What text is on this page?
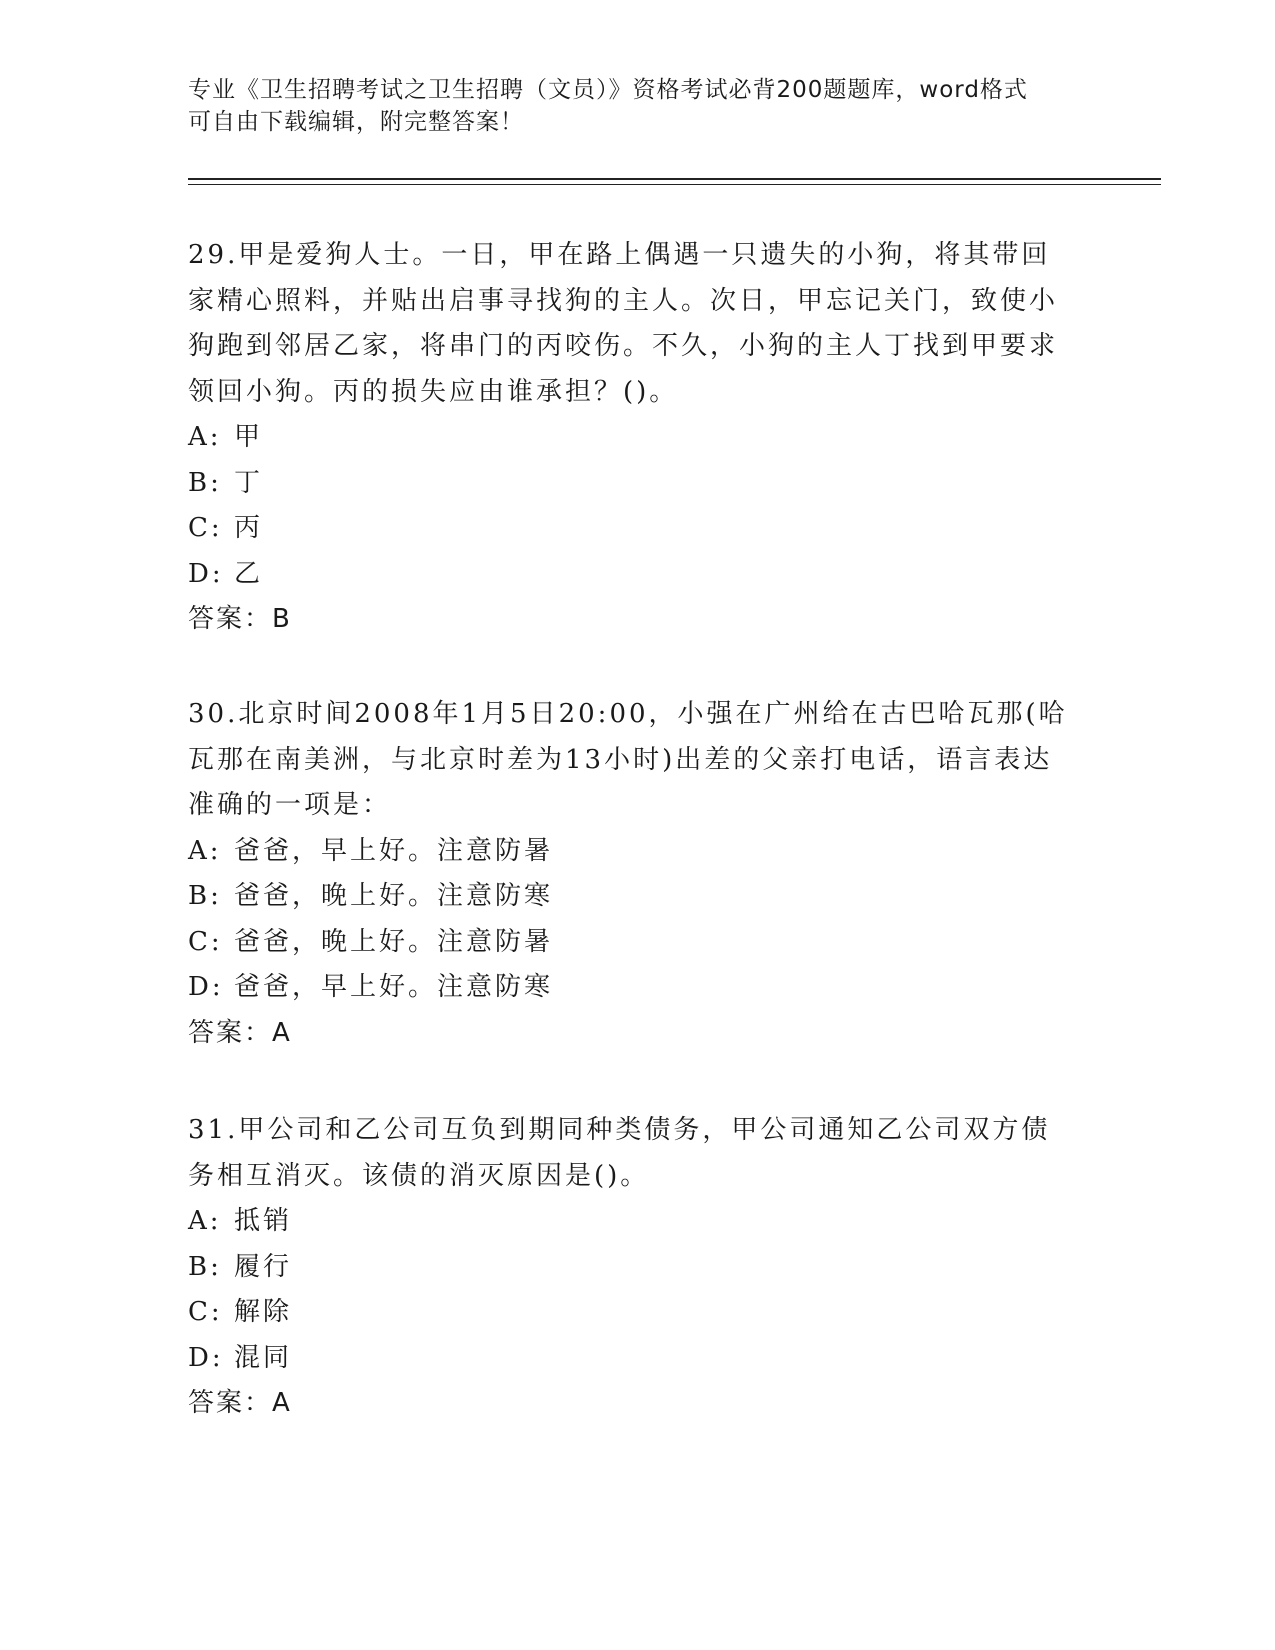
专业《卫生招聘考试之卫生招聘（文员）》资格考试必背200题题库，word格式
可自由下载编辑，附完整答案！

29.甲是爱狗人士。一日，甲在路上偶遇一只遗失的小狗，将其带回家精心照料，并贴出启事寻找狗的主人。次日，甲忘记关门，致使小狗跑到邻居乙家，将串门的丙咬伤。不久，小狗的主人丁找到甲要求领回小狗。丙的损失应由谁承担？()。

A: 甲
B: 丁
C: 丙
D: 乙
答案：B

30.北京时间2008年1月5日20:00，小强在广州给在古巴哈瓦那(哈瓦那在南美洲，与北京时差为13小时)出差的父亲打电话，语言表达准确的一项是：

A: 爸爸，早上好。注意防暑
B: 爸爸，晚上好。注意防寒
C: 爸爸，晚上好。注意防暑
D: 爸爸，早上好。注意防寒
答案：A

31.甲公司和乙公司互负到期同种类债务，甲公司通知乙公司双方债务相互消灭。该债的消灭原因是()。

A: 抵销
B: 履行
C: 解除
D: 混同
答案：A
